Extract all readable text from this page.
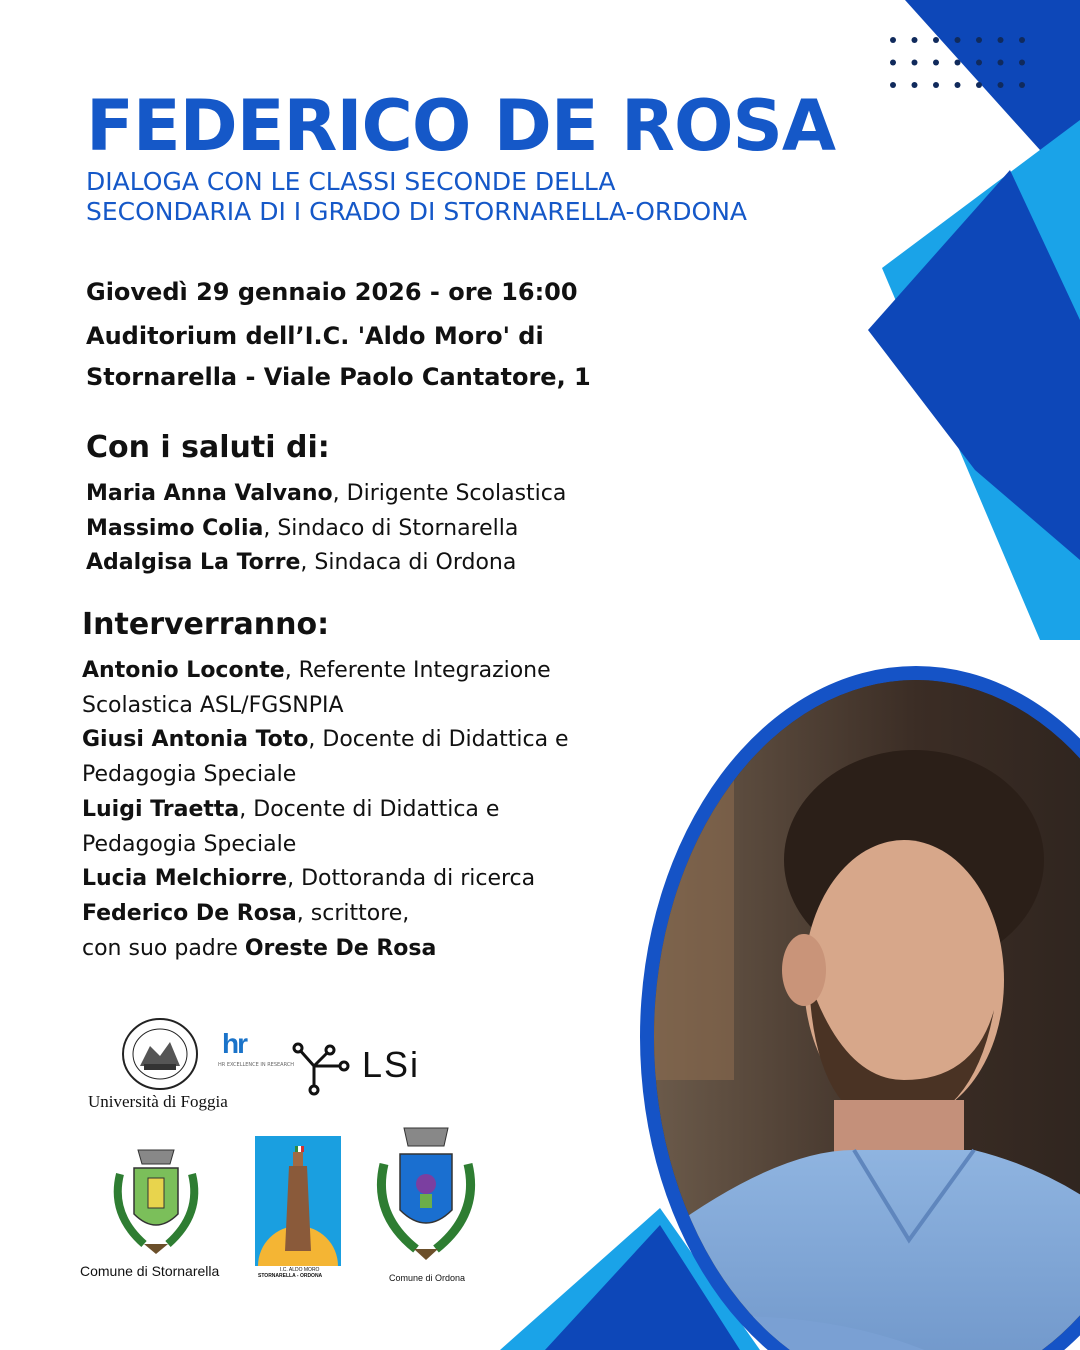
FEDERICO DE ROSA
DIALOGA CON LE CLASSI SECONDE DELLA
SECONDARIA DI I GRADO DI STORNARELLA-ORDONA
Giovedì 29 gennaio 2026 - ore 16:00
Auditorium dell’I.C. 'Aldo Moro' di
Stornarella - Viale Paolo Cantatore, 1
Con i saluti di:
Maria Anna Valvano, Dirigente Scolastica
Massimo Colia, Sindaco di Stornarella
Adalgisa La Torre, Sindaca di Ordona
Interverranno:
Antonio Loconte, Referente Integrazione
Scolastica ASL/FGSNPIA
Giusi Antonia Toto, Docente di Didattica e
Pedagogia Speciale
Luigi Traetta, Docente di Didattica e
Pedagogia Speciale
Lucia Melchiorre, Dottoranda di ricerca
Federico De Rosa, scrittore,
con suo padre Oreste De Rosa
Università di Foggia
hr
HR EXCELLENCE IN RESEARCH LSi
Comune di Stornarella	I.C. ALDO MORO
STORNARELLA - ORDONA	Comune di Ordona
